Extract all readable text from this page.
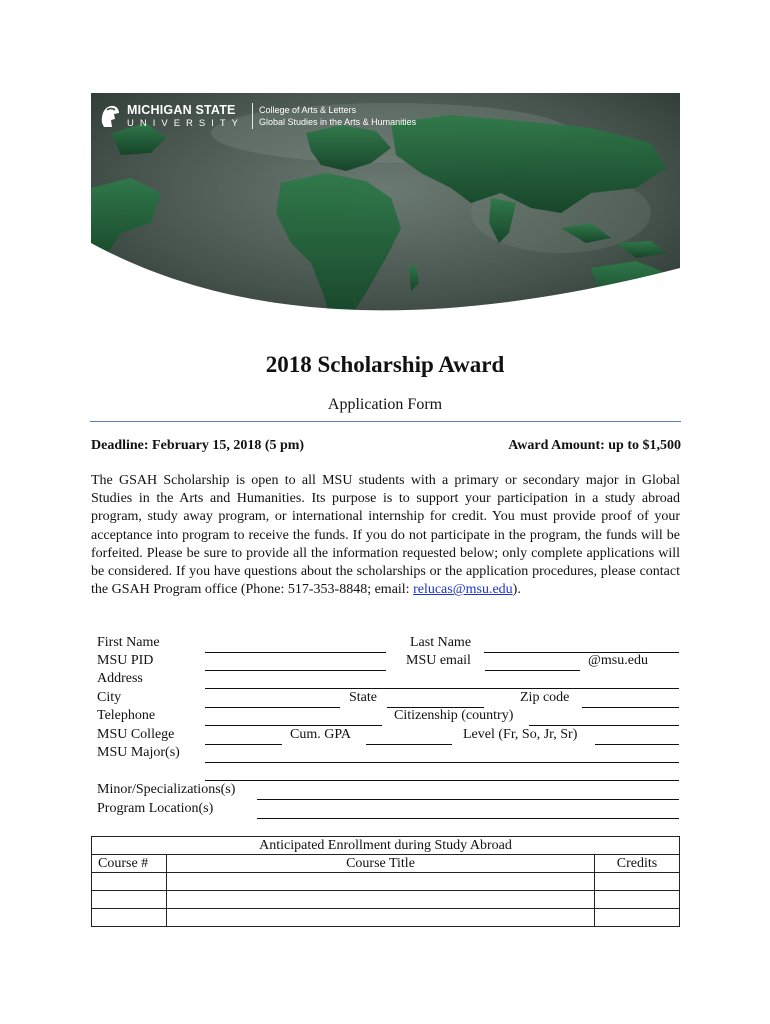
MICHIGAN STATE
UNIVERSITY
College of Arts & Letters
Global Studies in the Arts & Humanities
2018 Scholarship Award
Application Form
Deadline: February 15, 2018 (5 pm)	Award Amount: up to $1,500

The GSAH Scholarship is open to all MSU students with a primary or secondary major in Global Studies in the Arts and Humanities. Its purpose is to support your participation in a study abroad program, study away program, or international internship for credit. You must provide proof of your acceptance into program to receive the funds. If you do not participate in the program, the funds will be forfeited. Please be sure to provide all the information requested below; only complete applications will be considered. If you have questions about the scholarships or the application procedures, please contact the GSAH Program office (Phone: 517-353-8848; email: relucas@msu.edu).

First Name	Last Name
MSU PID	MSU email	@msu.edu
Address
City	State	Zip code
Telephone	Citizenship (country)
MSU College	Cum. GPA	Level (Fr, So, Jr, Sr)
MSU Major(s)
Minor/Specializations(s)
Program Location(s)
Anticipated Enrollment during Study Abroad		
Course #	Course Title	Credits
